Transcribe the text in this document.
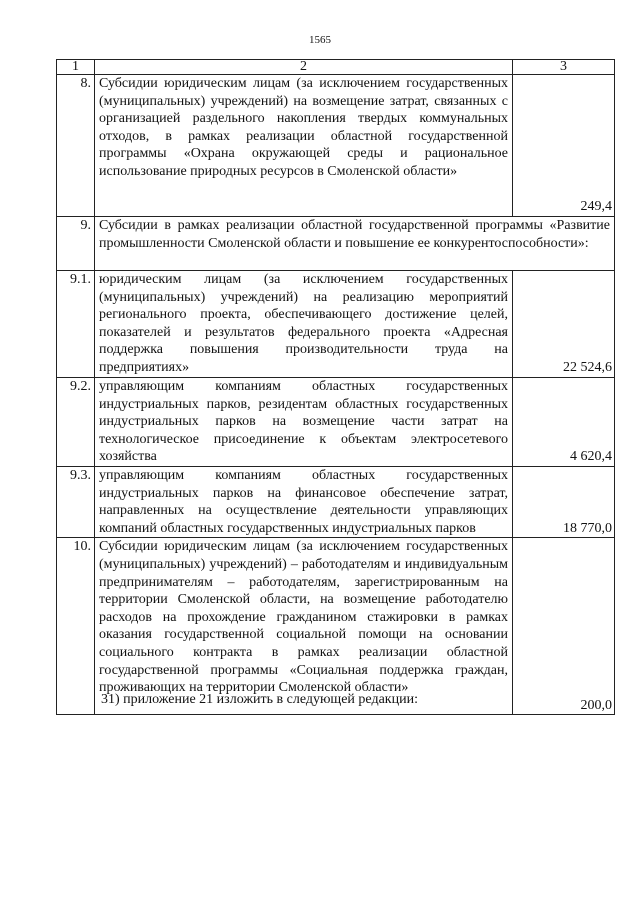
1565
1	2	3
8.	Субсидии юридическим лицам (за исключением государственных (муниципальных) учреждений) на возмещение затрат, связанных с организацией раздельного накопления твердых коммунальных отходов, в рамках реализации областной государственной программы «Охрана окружающей среды и рациональное использование природных ресурсов в Смоленской области»	249,4
9.	Субсидии в рамках реализации областной государственной программы «Развитие промышленности Смоленской области и повышение ее конкурентоспособности»:	
9.1.	юридическим лицам (за исключением государственных (муниципальных) учреждений) на реализацию мероприятий регионального проекта, обеспечивающего достижение целей, показателей и результатов федерального проекта «Адресная поддержка повышения производительности труда на предприятиях»	22 524,6
9.2.	управляющим компаниям областных государственных индустриальных парков, резидентам областных государственных индустриальных парков на возмещение части затрат на технологическое присоединение к объектам электросетевого хозяйства	4 620,4
9.3.	управляющим компаниям областных государственных индустриальных парков на финансовое обеспечение затрат, направленных на осуществление деятельности управляющих компаний областных государственных индустриальных парков	18 770,0
10.	Субсидии юридическим лицам (за исключением государственных (муниципальных) учреждений) – работодателям и индивидуальным предпринимателям – работодателям, зарегистрированным на территории Смоленской области, на возмещение работодателю расходов на прохождение гражданином стажировки в рамках оказания государственной социальной помощи на основании социального контракта в рамках реализации областной государственной программы «Социальная поддержка граждан, проживающих на территории Смоленской области»	200,0
31) приложение 21 изложить в следующей редакции:
